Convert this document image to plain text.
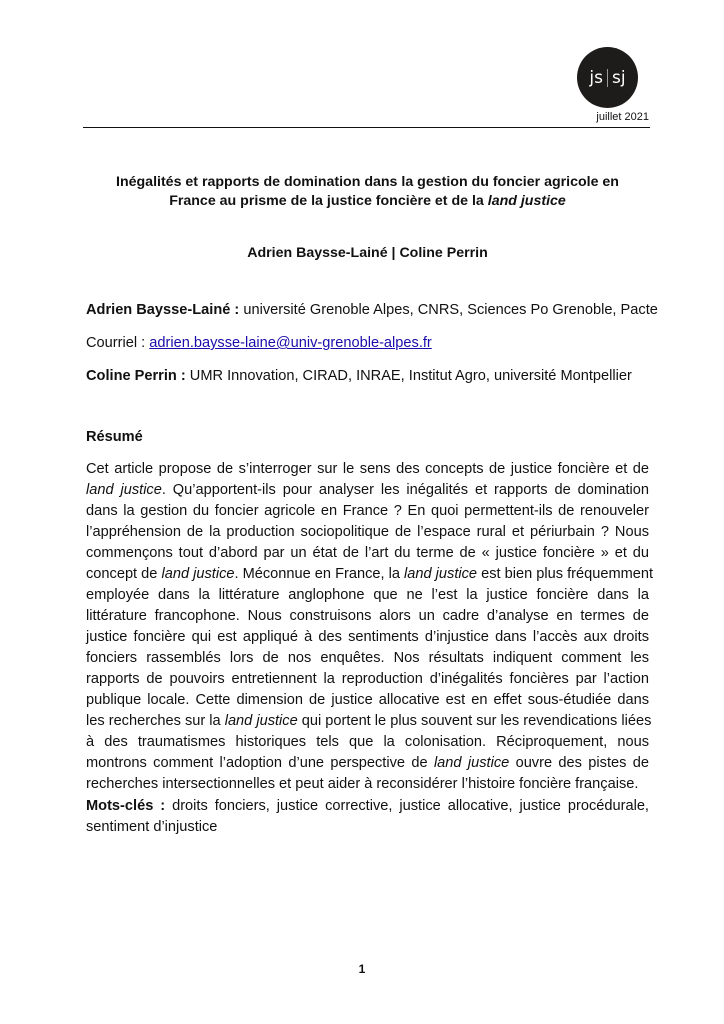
js sj
juillet 2021
Inégalités et rapports de domination dans la gestion du foncier agricole en
France au prisme de la justice foncière et de la land justice
Adrien Baysse-Lainé | Coline Perrin
Adrien Baysse-Lainé : université Grenoble Alpes, CNRS, Sciences Po Grenoble, Pacte
Courriel : adrien.baysse-laine@univ-grenoble-alpes.fr
Coline Perrin : UMR Innovation, CIRAD, INRAE, Institut Agro, université Montpellier
Résumé
Cet article propose de s’interroger sur le sens des concepts de justice foncière et de
land justice. Qu’apportent-ils pour analyser les inégalités et rapports de domination
dans la gestion du foncier agricole en France ? En quoi permettent-ils de renouveler
l’appréhension de la production sociopolitique de l’espace rural et périurbain ? Nous
commençons tout d’abord par un état de l’art du terme de « justice foncière » et du
concept de land justice. Méconnue en France, la land justice est bien plus fréquemment
employée dans la littérature anglophone que ne l’est la justice foncière dans la
littérature francophone. Nous construisons alors un cadre d’analyse en termes de
justice foncière qui est appliqué à des sentiments d’injustice dans l’accès aux droits
fonciers rassemblés lors de nos enquêtes. Nos résultats indiquent comment les
rapports de pouvoirs entretiennent la reproduction d’inégalités foncières par l’action
publique locale. Cette dimension de justice allocative est en effet sous-étudiée dans
les recherches sur la land justice qui portent le plus souvent sur les revendications liées
à des traumatismes historiques tels que la colonisation. Réciproquement, nous
montrons comment l’adoption d’une perspective de land justice ouvre des pistes de
recherches intersectionnelles et peut aider à reconsidérer l’histoire foncière française.
Mots-clés : droits fonciers, justice corrective, justice allocative, justice procédurale,
sentiment d’injustice
1
